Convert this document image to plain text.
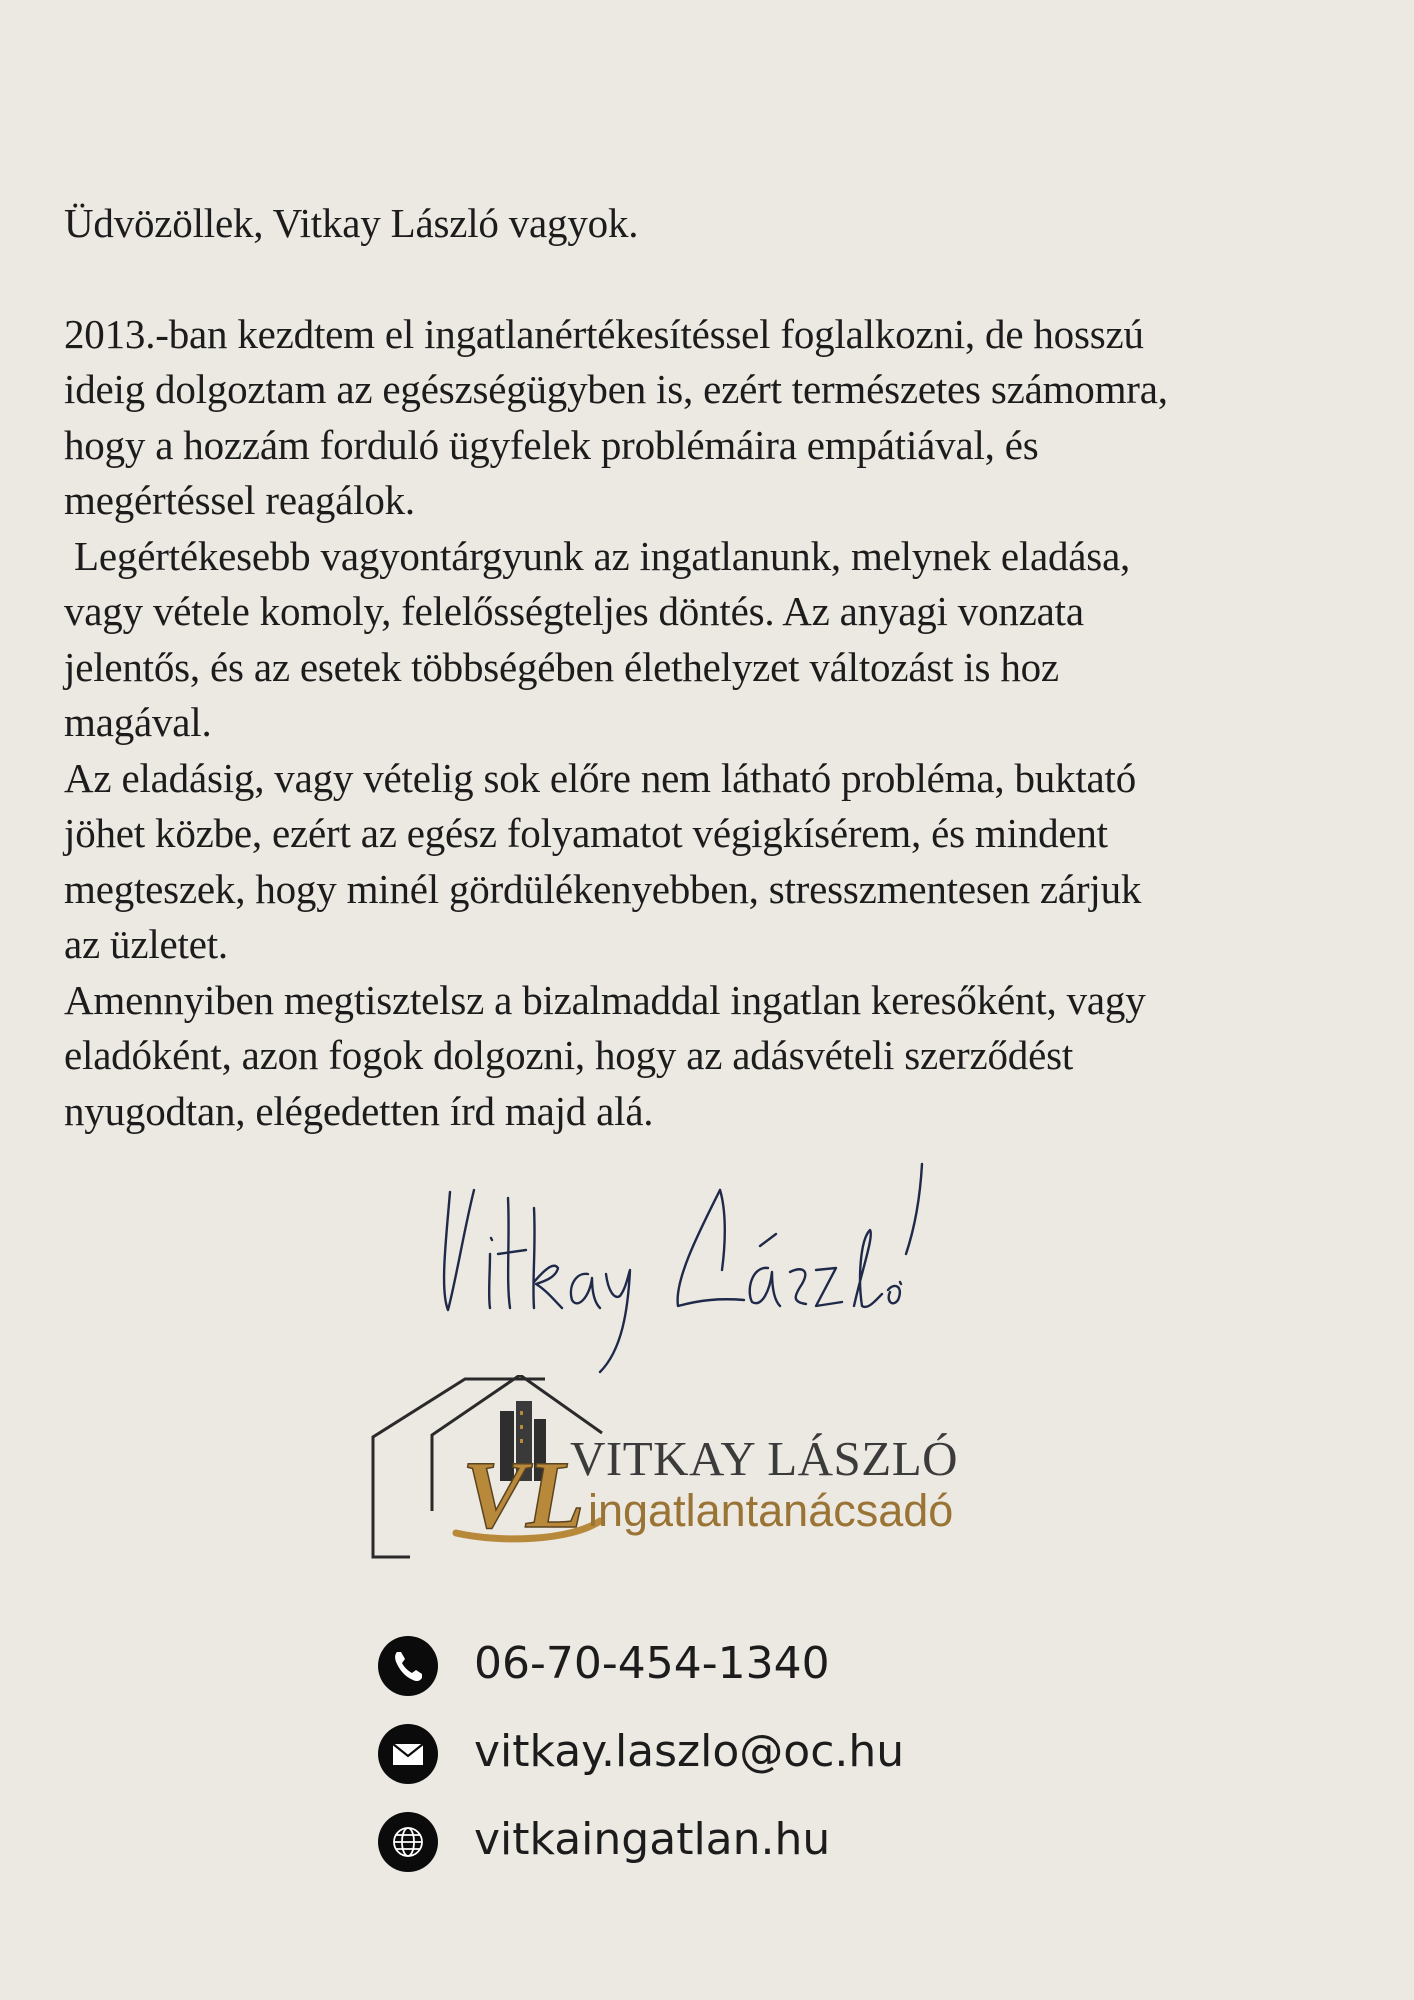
Üdvözöllek, Vitkay László vagyok.

2013.-ban kezdtem el ingatlanértékesítéssel foglalkozni, de hosszú

ideig dolgoztam az egészségügyben is, ezért természetes számomra,

hogy a hozzám forduló ügyfelek problémáira empátiával, és

megértéssel reagálok.

Legértékesebb vagyontárgyunk az ingatlanunk, melynek eladása,

vagy vétele komoly, felelősségteljes döntés. Az anyagi vonzata

jelentős, és az esetek többségében élethelyzet változást is hoz

magával.

Az eladásig, vagy vételig sok előre nem látható probléma, buktató

jöhet közbe, ezért az egész folyamatot végigkísérem, és mindent

megteszek, hogy minél gördülékenyebben, stresszmentesen zárjuk

az üzletet.

Amennyiben megtisztelsz a bizalmaddal ingatlan keresőként, vagy

eladóként, azon fogok dolgozni, hogy az adásvételi szerződést

nyugodtan, elégedetten írd majd alá.

VL
VITKAY LÁSZLÓ
ingatlantanácsadó
06-70-454-1340
vitkay.laszlo@oc.hu
vitkaingatlan.hu
